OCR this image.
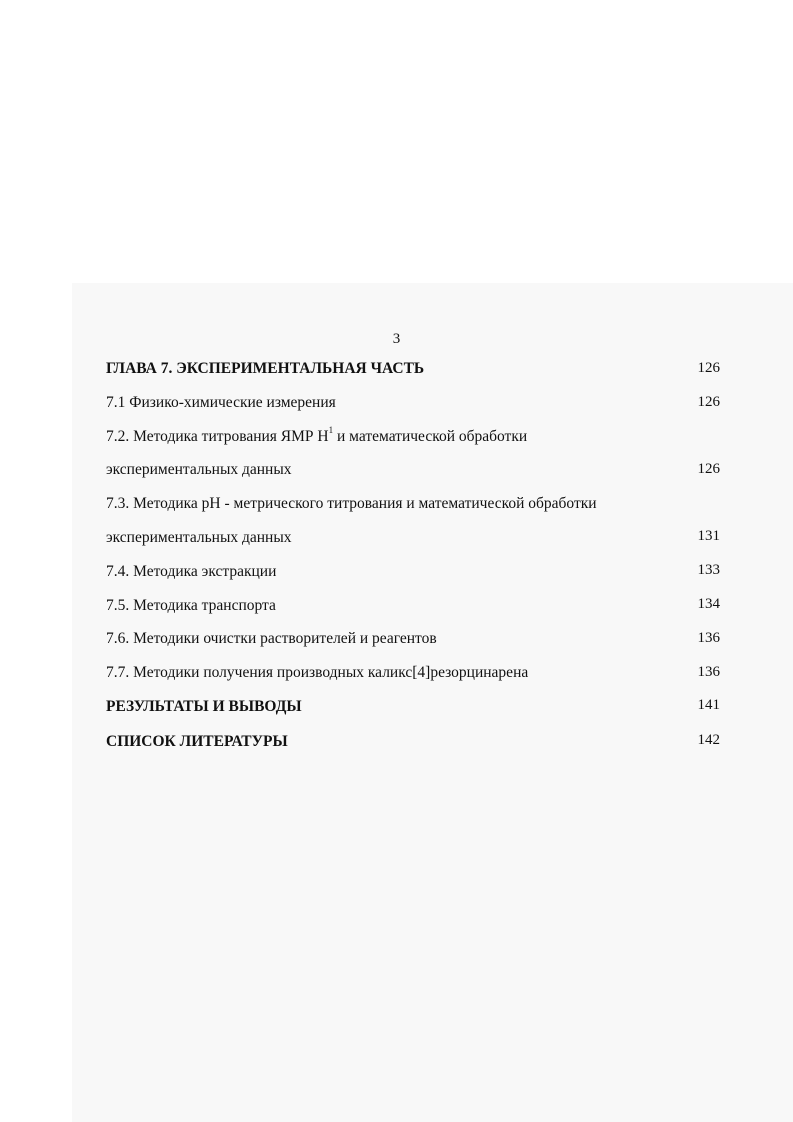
3
ГЛАВА 7. ЭКСПЕРИМЕНТАЛЬНАЯ ЧАСТЬ	126
7.1 Физико-химические измерения	126
7.2. Методика титрования ЯМР $Н^1$ и математической обработки
экспериментальных данных	126
7.3. Методика рН - метрического титрования и математической обработки
экспериментальных данных	131
7.4. Методика экстракции	133
7.5. Методика транспорта	134
7.6. Методики очистки растворителей и реагентов	136
7.7. Методики получения производных каликс[4]резорцинарена	136
РЕЗУЛЬТАТЫ И ВЫВОДЫ	141
СПИСОК ЛИТЕРАТУРЫ	142
